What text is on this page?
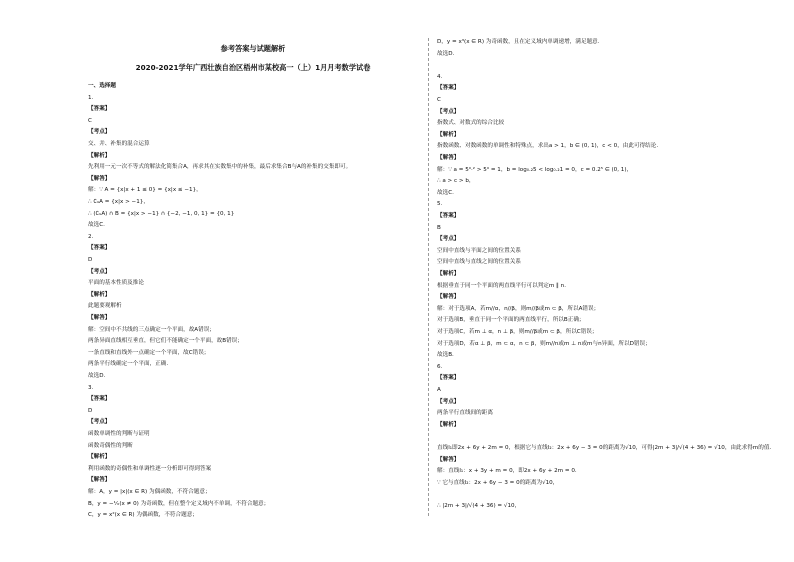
参考答案与试题解析
2020-2021学年广西壮族自治区梧州市某校高一（上）1月月考数学试卷
一、选择题
1.
【答案】
C
【考点】
交、并、补集的混合运算
【解析】
先利用一元一次不等式的解法化简集合A，再求其在实数集中的补集，最后求集合B与A的补集的交集即可。
【解答】
解：∵ A = {x|x + 1 ≤ 0} = {x|x ≤ −1}，
∴ ∁ᵤA = {x|x > −1}，
∴ (∁ᵤA) ∩ B = {x|x > −1} ∩ {−2, −1, 0, 1} = {0, 1}
故选C.
2.
【答案】
D
【考点】
平面的基本性质及推论
【解析】
此题要观解析
【解答】
解：空间中不共线的三点确定一个平面，故A错误；
两条异面直线相互垂直，但它们不能确定一个平面，故B错误；
一条直线和直线外一点确定一个平面，故C错误；
两条平行线确定一个平面，正确.
故选D.
3.
【答案】
D
【考点】
函数单调性的判断与证明
函数奇偶性的判断
【解析】
利用函数的奇偶性和单调性逐一分析即可得到答案
【解答】
解：A，y = |x|(x ∈ R) 为偶函数，不符合题意；
B，y = −¹⁄ₓ(x ≠ 0) 为奇函数，但在整个定义域内不单调，不符合题意；
C，y = x²(x ∈ R) 为偶函数，不符合题意；
D，y = x³(x ∈ R) 为奇函数，且在定义域内单调递增，满足题意.
故选D.
4.
【答案】
C
【考点】
指数式、对数式的综合比较
【解析】
指数函数、对数函数的单调性和特殊点，求出a > 1，b ∈ (0, 1)，c < 0，由此可得结论.
【解答】
解：∵ a = 5⁰·² > 5⁰ = 1，b = log₀.₂5 < log₀.₂1 = 0，c = 0.2⁵ ∈ (0, 1)，
∴ a > c > b，
故选C.
5.
【答案】
B
【考点】
空间中直线与平面之间的位置关系
空间中直线与直线之间的位置关系
【解析】
根据垂直于同一个平面的两直线平行可以判定m ∥ n.
【解答】
解：对于选项A，若m//α，n//β，则m//β或m ⊂ β，所以A错误；
对于选项B，垂直于同一个平面的两直线平行，所以B正确；
对于选项C，若m ⊥ α，n ⊥ β，则m//β或m ⊂ β，所以C错误；
对于选项D，若α ⊥ β，m ⊂ α，n ⊂ β，则m//n或m ⊥ n或m与n异面，所以D错误；
故选B.
6.
【答案】
A
【考点】
两条平行直线间的距离
【解析】
直线l₁即2x + 6y + 2m = 0，根据它与直线l₂：2x + 6y − 3 = 0的距离为√10，可得|2m + 3|/√(4 + 36) = √10，由此求得m的值.
【解答】
解：直线l₁：x + 3y + m = 0，即2x + 6y + 2m = 0.
∵ 它与直线l₂：2x + 6y − 3 = 0的距离为√10，
∴ |2m + 3|/√(4 + 36) = √10，
